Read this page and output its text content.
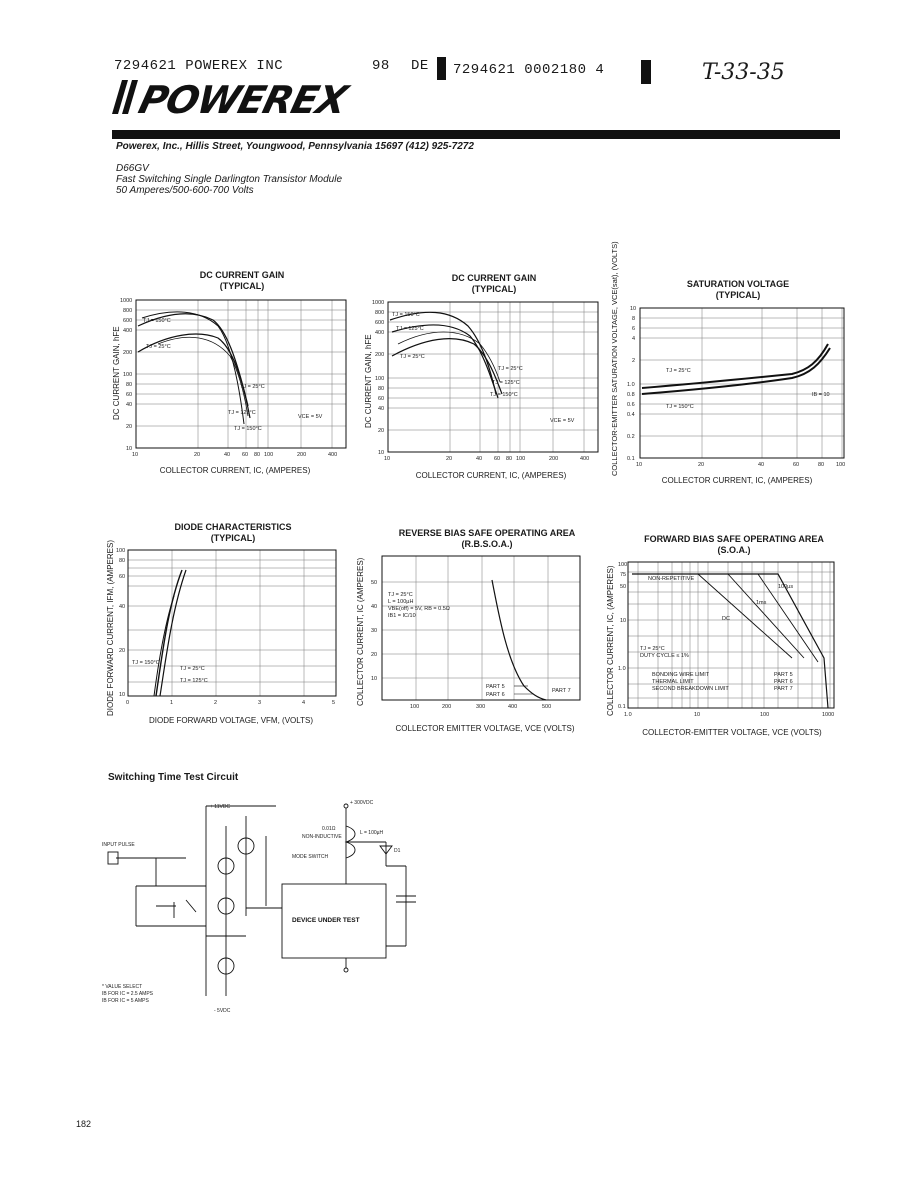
7294621 POWEREX INC	98 DE 7294621 0002180 4	T-33-35
POWEREX
Powerex, Inc., Hillis Street, Youngwood, Pennsylvania 15697 (412) 925-7272
D66GV
Fast Switching Single Darlington Transistor Module
50 Amperes/500-600-700 Volts
DC CURRENT GAIN
(TYPICAL)
TJ = 150°C
TJ = 25°C
TJ = 25°C
TJ = 125°C
TJ = 150°C
VCE = 5V
10	20	40 60 80 100	200	400
1000
800
600
400
200
100
80
60
40
20
10
DC CURRENT GAIN, hFE
COLLECTOR CURRENT, IC, (AMPERES)
DC CURRENT GAIN
(TYPICAL)
TJ = 150°C
TJ = 125°C
TJ = 25°C
TJ = 25°C
TJ = 125°C
TJ = 150°C
VCE = 5V
10	20	40 60 80 100	200	400
1000
800
600
400
200
100
80
60
40
20
10
DC CURRENT GAIN, hFE
COLLECTOR CURRENT, IC, (AMPERES)
SATURATION VOLTAGE
(TYPICAL)
TJ = 25°C
TJ = 150°C
IB = 10
10	20	40	60	80 100
10
8
6
4
2
1.0
0.8
0.6
0.4
0.2
0.1
COLLECTOR-EMITTER SATURATION VOLTAGE, VCE(sat), (VOLTS)
COLLECTOR CURRENT, IC, (AMPERES)
DIODE CHARACTERISTICS
(TYPICAL)
TJ = 150°C
TJ = 25°C
TJ = 125°C
0	1	2	3	4	5
100
80
60
40
20
10
DIODE FORWARD CURRENT, IFM, (AMPERES)
DIODE FORWARD VOLTAGE, VFM, (VOLTS)
REVERSE BIAS SAFE OPERATING AREA
(R.B.S.O.A.)
TJ = 25°C
L = 100µH
VBE(off) = 5V, RB = 0.5Ω
IB1 = IC/10
PART 5
PART 6
PART 7
100	200	300	400	500
50
40
30
20
10
COLLECTOR CURRENT, IC (AMPERES)
COLLECTOR EMITTER VOLTAGE, VCE (VOLTS)
FORWARD BIAS SAFE OPERATING AREA
(S.O.A.)
NON-REPETITIVE
100µs
1ms
DC
TJ = 25°C
DUTY CYCLE ≤ 1%
BONDING WIRE LIMIT
THERMAL LIMIT
SECOND BREAKDOWN LIMIT
PART 5
PART 6
PART 7
1.0	10	100	1000
100
75
50
10
1.0
0.1
COLLECTOR CURRENT, IC, (AMPERES)
COLLECTOR-EMITTER VOLTAGE, VCE (VOLTS)
Switching Time Test Circuit
+ 11VDC
- 5VDC
+ 300VDC
L = 100µH
0.01Ω
NON-INDUCTIVE
D1
MODE SWITCH
DEVICE UNDER TEST
INPUT PULSE
* VALUE SELECT
IB FOR IC = 2.5 AMPS
IB FOR IC = 5 AMPS
182
